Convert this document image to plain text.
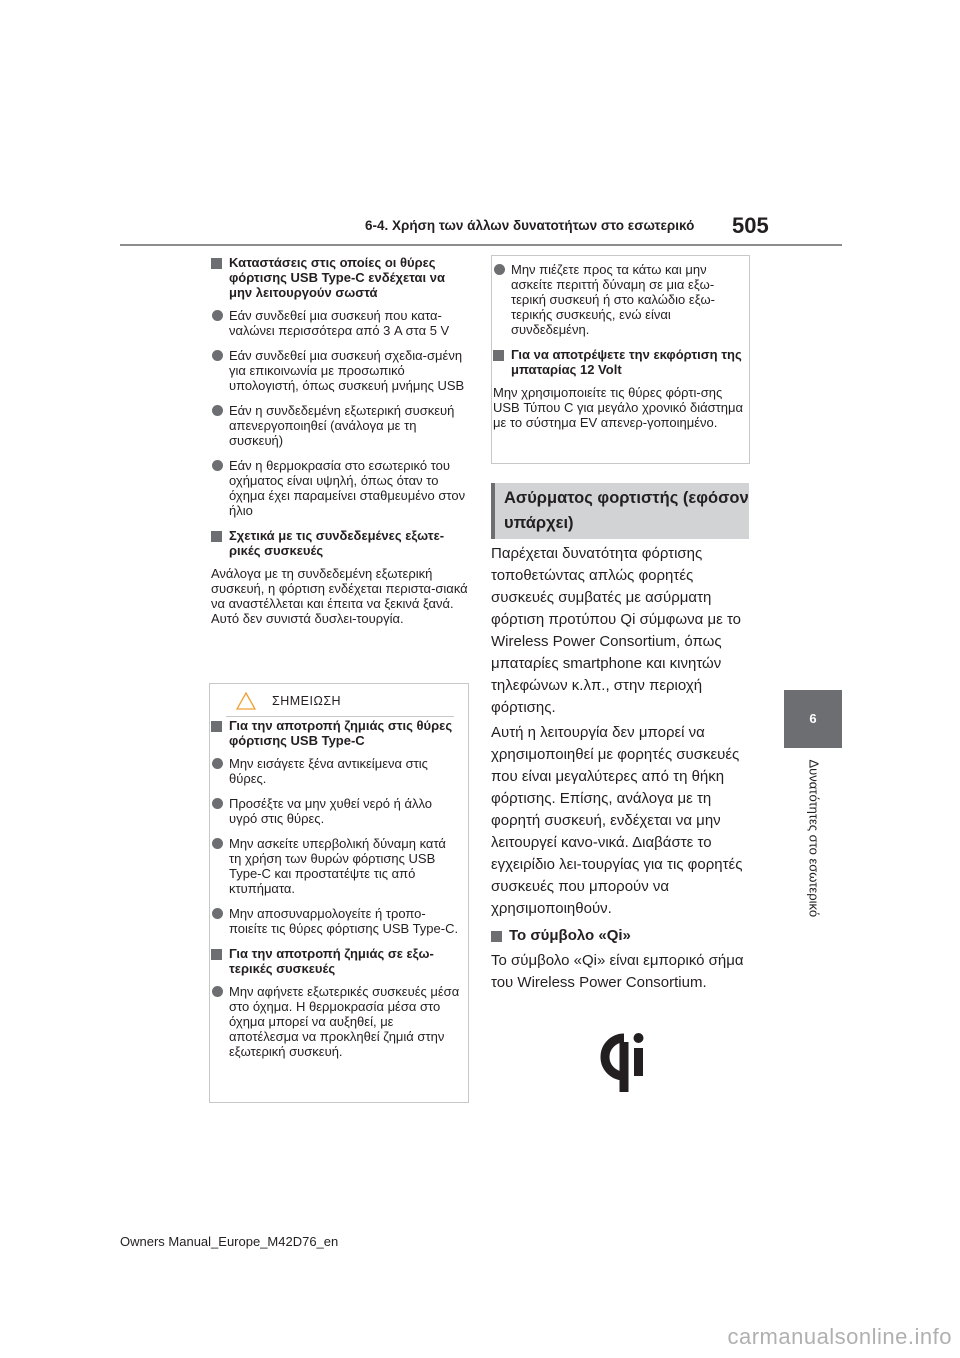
6-4. Χρήση των άλλων δυνατοτήτων στο εσωτερικό 505
6
Δυνατότητες στο εσωτερικό
Καταστάσεις στις οποίες οι θύρες φόρτισης USB Type-C ενδέχεται να μην λειτουργούν σωστά
Εάν συνδεθεί μια συσκευή που κατα-ναλώνει περισσότερα από 3 A στα 5 V
Εάν συνδεθεί μια συσκευή σχεδια-σμένη για επικοινωνία με προσωπικό υπολογιστή, όπως συσκευή μνήμης USB
Εάν η συνδεδεμένη εξωτερική συσκευή απενεργοποιηθεί (ανάλογα με τη συσκευή)
Εάν η θερμοκρασία στο εσωτερικό του οχήματος είναι υψηλή, όπως όταν το όχημα έχει παραμείνει σταθμευμένο στον ήλιο
Σχετικά με τις συνδεδεμένες εξωτε-ρικές συσκευές
Ανάλογα με τη συνδεδεμένη εξωτερική συσκευή, η φόρτιση ενδέχεται περιστα-σιακά να αναστέλλεται και έπειτα να ξεκινά ξανά. Αυτό δεν συνιστά δυσλει-τουργία.
ΣΗΜΕΙΩΣΗ
Για την αποτροπή ζημιάς στις θύρες φόρτισης USB Type-C
Μην εισάγετε ξένα αντικείμενα στις θύρες.
Προσέξτε να μην χυθεί νερό ή άλλο υγρό στις θύρες.
Μην ασκείτε υπερβολική δύναμη κατά τη χρήση των θυρών φόρτισης USB Type-C και προστατέψτε τις από κτυπήματα.
Μην αποσυναρμολογείτε ή τροπο-ποιείτε τις θύρες φόρτισης USB Type-C.
Για την αποτροπή ζημιάς σε εξω-τερικές συσκευές
Μην αφήνετε εξωτερικές συσκευές μέσα στο όχημα. Η θερμοκρασία μέσα στο όχημα μπορεί να αυξηθεί, με αποτέλεσμα να προκληθεί ζημιά στην εξωτερική συσκευή.
Μην πιέζετε προς τα κάτω και μην ασκείτε περιττή δύναμη σε μια εξω-τερική συσκευή ή στο καλώδιο εξω-τερικής συσκευής, ενώ είναι συνδεδεμένη.
Για να αποτρέψετε την εκφόρτιση της μπαταρίας 12 Volt
Μην χρησιμοποιείτε τις θύρες φόρτι-σης USB Τύπου C για μεγάλο χρονικό διάστημα με το σύστημα EV απενερ-γοποιημένο.
Ασύρματος φορτιστής (εφόσον υπάρχει)
Παρέχεται δυνατότητα φόρτισης τοποθετώντας απλώς φορητές συσκευές συμβατές με ασύρματη φόρτιση προτύπου Qi σύμφωνα με το Wireless Power Consortium, όπως μπαταρίες smartphone και κινητών τηλεφώνων κ.λπ., στην περιοχή φόρτισης.
Αυτή η λειτουργία δεν μπορεί να χρησιμοποιηθεί με φορητές συσκευές που είναι μεγαλύτερες από τη θήκη φόρτισης. Επίσης, ανάλογα με τη φορητή συσκευή, ενδέχεται να μην λειτουργεί κανο-νικά. Διαβάστε το εγχειρίδιο λει-τουργίας για τις φορητές συσκευές που μπορούν να χρησιμοποιηθούν.
Το σύμβολο «Qi»
Το σύμβολο «Qi» είναι εμπορικό σήμα του Wireless Power Consortium.
Owners Manual_Europe_M42D76_en
carmanualsonline.info
